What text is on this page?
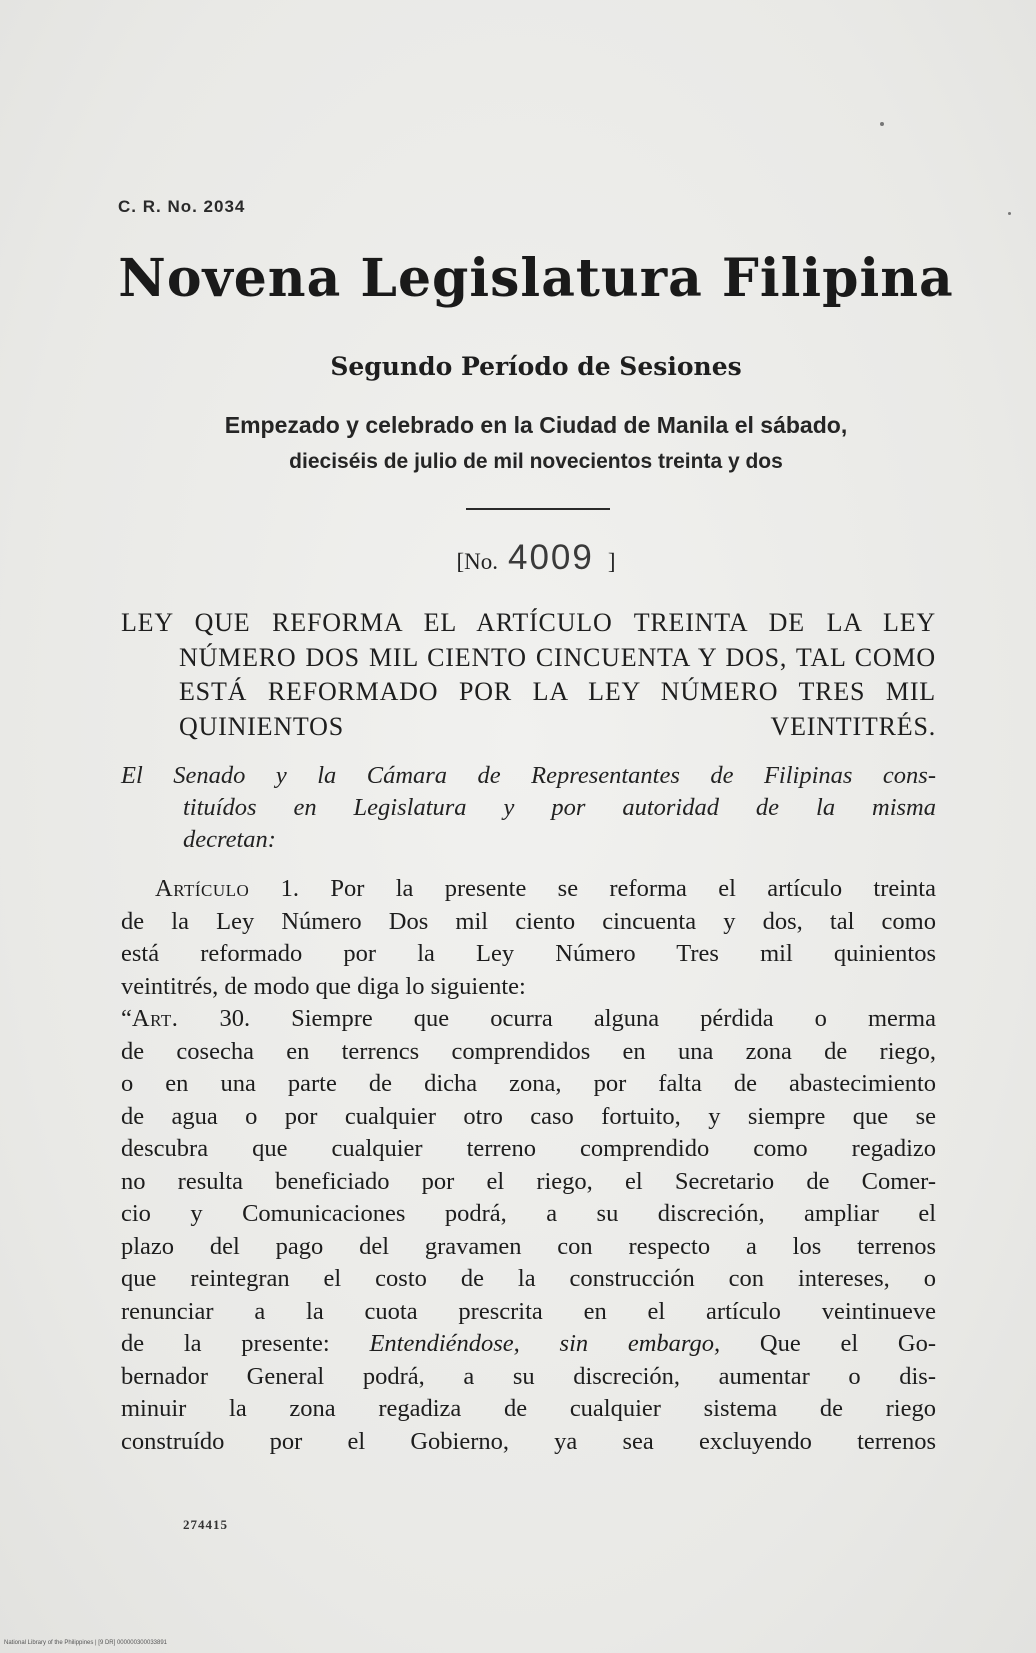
C. R. No. 2034
Novena Legislatura Filipina
Segundo Período de Sesiones
Empezado y celebrado en la Ciudad de Manila el sábado,
dieciséis de julio de mil novecientos treinta y dos
[No. 4009 ]
LEY QUE REFORMA EL ARTÍCULO TREINTA DE LA LEY NÚMERO DOS MIL CIENTO CINCUENTA Y DOS, TAL COMO ESTÁ REFORMADO POR LA LEY NÚMERO TRES MIL QUINIENTOS VEINTITRÉS.
El Senado y la Cámara de Representantes de Filipinas cons-
tituídos en Legislatura y por autoridad de la misma
decretan:
Artículo 1. Por la presente se reforma el artículo treinta
de la Ley Número Dos mil ciento cincuenta y dos, tal como
está reformado por la Ley Número Tres mil quinientos
veintitrés, de modo que diga lo siguiente:
“Art. 30. Siempre que ocurra alguna pérdida o merma
de cosecha en terrencs comprendidos en una zona de riego,
o en una parte de dicha zona, por falta de abastecimiento
de agua o por cualquier otro caso fortuito, y siempre que se
descubra que cualquier terreno comprendido como regadizo
no resulta beneficiado por el riego, el Secretario de Comer-
cio y Comunicaciones podrá, a su discreción, ampliar el
plazo del pago del gravamen con respecto a los terrenos
que reintegran el costo de la construcción con intereses, o
renunciar a la cuota prescrita en el artículo veintinueve
de la presente: Entendiéndose, sin embargo, Que el Go-
bernador General podrá, a su discreción, aumentar o dis-
minuir la zona regadiza de cualquier sistema de riego
construído por el Gobierno, ya sea excluyendo terrenos
274415
National Library of the Philippines | [9 DR] 000000300033891
